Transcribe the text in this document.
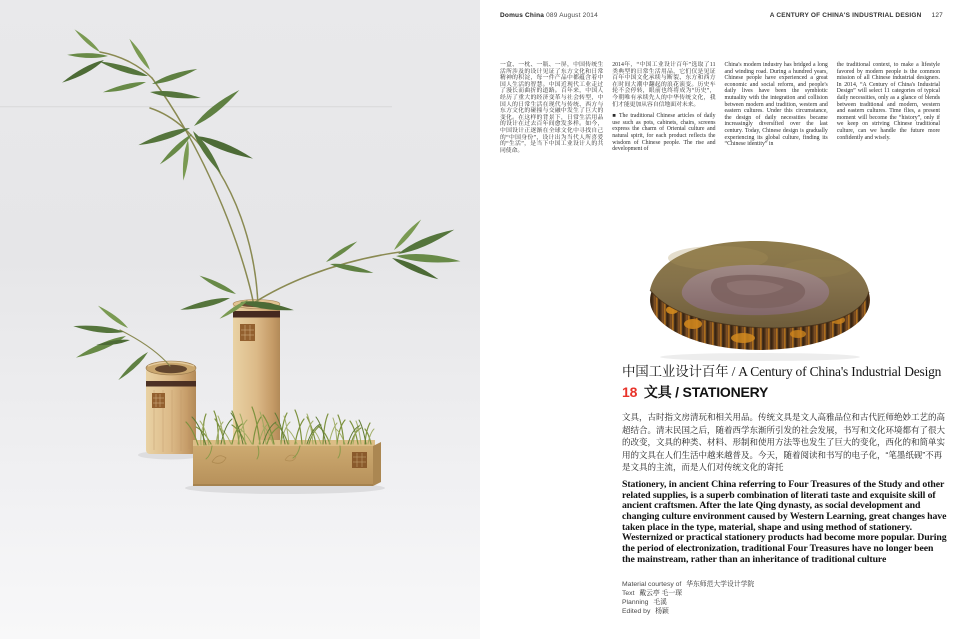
Domus China 089 August 2014	A CENTURY OF CHINA'S INDUSTRIAL DESIGN 127

一盒、一枕、一瓶、一屏，中国传统生活所涉及的设计见证了东方文化和日常精神的积淀，每一件产品中都蕴含着中国人生活的智慧。中国近现代工业走过了漫长而曲折的道路。百年来，中国人经历了重大的经济变革与社会转型，中国人的日常生活在现代与传统、西方与东方文化的碰撞与交融中发生了巨大的变化。在这样的背景下，日常生活用品的设计在过去百年间愈发多样。如今，中国设计正逐渐在全球文化中寻找自己的“中国身份”，设计出为当代人所喜爱的“生活”，是当下中国工业设计人的共同使命。

2014年，“中国工业设计百年”选取了11类典型的日常生活用品，它们仅是见证百年中国文化承续与断裂、东方和西方在时间大潮中翻起的浪花演变。历史车轮不会停转，眼前也终将成为“历史”，今朝唯有承续先人的中华传统文化，我们才能更加从容自信地面对未来。

■ The traditional Chinese articles of daily use such as pots, cabinets, chairs, screens express the charm of Oriental culture and natural spirit, for each product reflects the wisdom of Chinese people. The rise and development of

China's modern industry has bridged a long and winding road. During a hundred years, Chinese people have experienced a great economic and social reform, and people's daily lives have been the symbiotic mutuality with the integration and collision between modern and tradition, western and eastern cultures. Under this circumstance, the design of daily necessities became increasingly diversified over the last century. Today, Chinese design is gradually experiencing its global culture, finding its “Chinese identity” in

the traditional context, to make a lifestyle favored by modern people is the common mission of all Chinese industrial designers. In 2014, “A Century of China's Industrial Design” will select 11 categories of typical daily necessities, only as a glance of blends between traditional and modern, western and eastern cultures. Time flies, a present moment will become the “history”, only if we keep on striving Chinese traditional culture, can we handle the future more confidently and wisely.

中国工业设计百年 / A Century of China's Industrial Design
18 文具 / STATIONERY

文具，古时指文房清玩和相关用品。传统文具是文人高雅品位和古代匠师绝妙工艺的高超结合。清末民国之后，随着西学东渐所引发的社会发展，书写和文化环境都有了很大的改变，文具的种类、材料、形制和使用方法等也发生了巨大的变化，西化的和简单实用的文具在人们生活中越来越普及。今天，随着阅读和书写的电子化，“笔墨纸砚”不再是文具的主流，而是人们对传统文化的寄托

Stationery, in ancient China referring to Four Treasures of the Study and other related supplies, is a superb combination of literati taste and exquisite skill of ancient craftsmen. After the late Qing dynasty, as social development and changing culture environment caused by Western Learning, great changes have taken place in the type, material, shape and using method of stationery. Westernized or practical stationery products had become more popular. During the period of electronization, traditional Four Treasures have no longer been the mainstream, rather than an inheritance of traditional culture

Material courtesy of 华东师范大学设计学院
Text 戴云亭 毛一琛
Planning 毛溪
Edited by 杨颖
